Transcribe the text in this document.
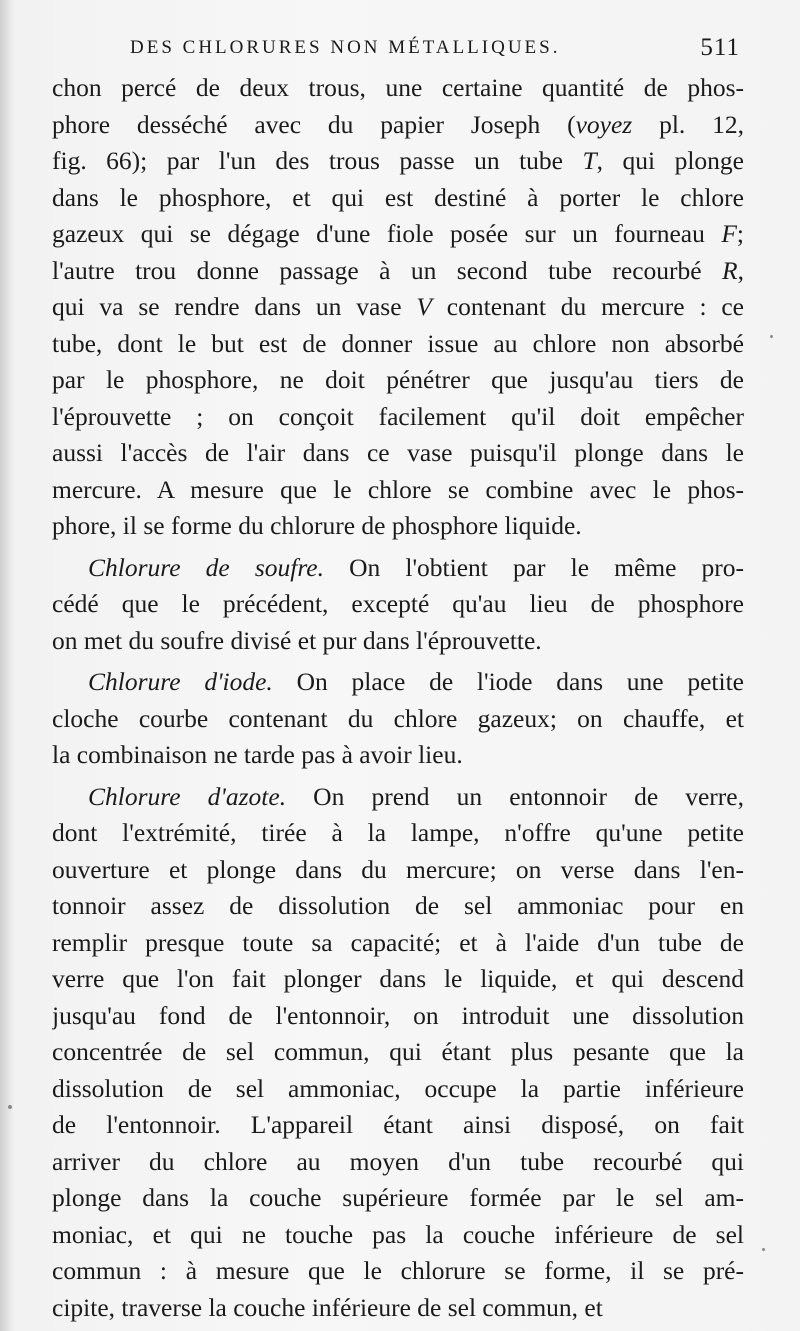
DES CHLORURES NON MÉTALLIQUES.	511
chon percé de deux trous, une certaine quantité de phos-
phore desséché avec du papier Joseph (voyez pl. 12,
fig. 66); par l'un des trous passe un tube T, qui plonge
dans le phosphore, et qui est destiné à porter le chlore
gazeux qui se dégage d'une fiole posée sur un fourneau F;
l'autre trou donne passage à un second tube recourbé R,
qui va se rendre dans un vase V contenant du mercure : ce
tube, dont le but est de donner issue au chlore non absorbé
par le phosphore, ne doit pénétrer que jusqu'au tiers de
l'éprouvette ; on conçoit facilement qu'il doit empêcher
aussi l'accès de l'air dans ce vase puisqu'il plonge dans le
mercure. A mesure que le chlore se combine avec le phos-
phore, il se forme du chlorure de phosphore liquide.
Chlorure de soufre. On l'obtient par le même pro-
cédé que le précédent, excepté qu'au lieu de phosphore
on met du soufre divisé et pur dans l'éprouvette.
Chlorure d'iode. On place de l'iode dans une petite
cloche courbe contenant du chlore gazeux; on chauffe, et
la combinaison ne tarde pas à avoir lieu.
Chlorure d'azote. On prend un entonnoir de verre,
dont l'extrémité, tirée à la lampe, n'offre qu'une petite
ouverture et plonge dans du mercure; on verse dans l'en-
tonnoir assez de dissolution de sel ammoniac pour en
remplir presque toute sa capacité; et à l'aide d'un tube de
verre que l'on fait plonger dans le liquide, et qui descend
jusqu'au fond de l'entonnoir, on introduit une dissolution
concentrée de sel commun, qui étant plus pesante que la
dissolution de sel ammoniac, occupe la partie inférieure
de l'entonnoir. L'appareil étant ainsi disposé, on fait
arriver du chlore au moyen d'un tube recourbé qui
plonge dans la couche supérieure formée par le sel am-
moniac, et qui ne touche pas la couche inférieure de sel
commun : à mesure que le chlorure se forme, il se pré-
cipite, traverse la couche inférieure de sel commun, et
